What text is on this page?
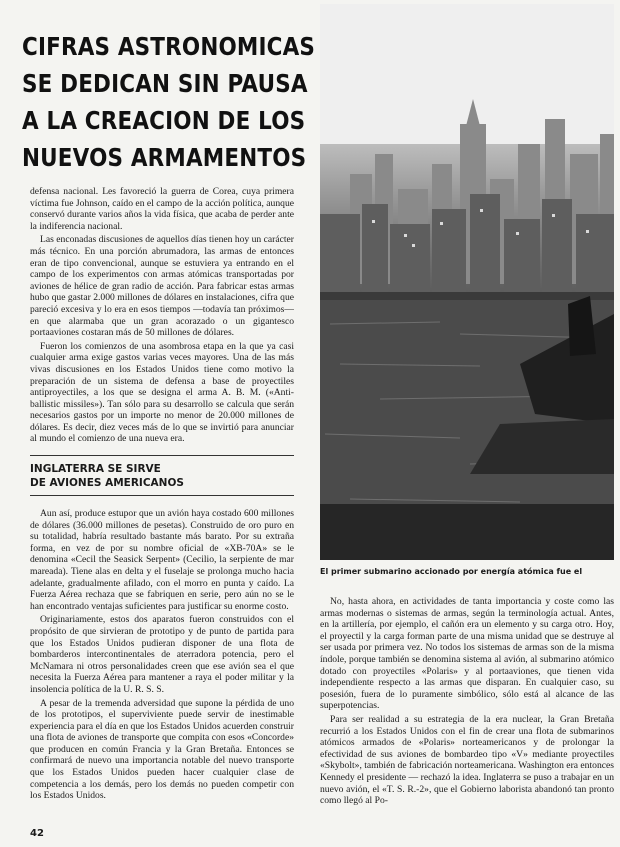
CIFRAS ASTRONOMICAS
SE DEDICAN SIN PAUSA
A LA CREACION DE LOS
NUEVOS ARMAMENTOS

defensa nacional. Les favoreció la guerra de Corea, cuya primera víctima fue Johnson, caído en el campo de la acción política, aunque conservó durante varios años la vida física, que acaba de perder ante la indiferencia nacional.

Las enconadas discusiones de aquellos días tienen hoy un carácter más técnico. En una porción abrumadora, las armas de entonces eran de tipo convencional, aunque se estuviera ya entrando en el campo de los experimentos con armas atómicas transportadas por aviones de hélice de gran radio de acción. Para fabricar estas armas hubo que gastar 2.000 millones de dólares en instalaciones, cifra que pareció excesiva y lo era en esos tiempos —todavía tan próximos— en que alarmaba que un gran acorazado o un gigantesco portaaviones costaran más de 50 millones de dólares.

Fueron los comienzos de una asombrosa etapa en la que ya casi cualquier arma exige gastos varias veces mayores. Una de las más vivas discusiones en los Estados Unidos tiene como motivo la preparación de un sistema de defensa a base de proyectiles antiproyectiles, a los que se designa el arma A. B. M. («Anti-ballistic missiles»). Tan sólo para su desarrollo se calcula que serán necesarios gastos por un importe no menor de 20.000 millones de dólares. Es decir, diez veces más de lo que se invirtió para anunciar al mundo el comienzo de una nueva era.

INGLATERRA SE SIRVE
DE AVIONES AMERICANOS

Aun así, produce estupor que un avión haya costado 600 millones de dólares (36.000 millones de pesetas). Construido de oro puro en su totalidad, habría resultado bastante más barato. Por su extraña forma, en vez de por su nombre oficial de «XB-70A» se le denomina «Cecil the Seasick Serpent» (Cecilio, la serpiente de mar mareada). Tiene alas en delta y el fuselaje se prolonga mucho hacia adelante, gradualmente afilado, con el morro en punta y caído. La Fuerza Aérea rechaza que se fabriquen en serie, pero aún no se le han encontrado ventajas suficientes para justificar su enorme costo.

Originariamente, estos dos aparatos fueron construidos con el propósito de que sirvieran de prototipo y de punto de partida para que los Estados Unidos pudieran disponer de una flota de bombarderos intercontinentales de aterradora potencia, pero el McNamara ni otros personalidades creen que ese avión sea el que necesita la Fuerza Aérea para mantener a raya el poder militar y la insolencia política de la U. R. S. S.

A pesar de la tremenda adversidad que supone la pérdida de uno de los prototipos, el superviviente puede servir de inestimable experiencia para el día en que los Estados Unidos acuerden construir una flota de aviones de transporte que compita con esos «Concorde» que producen en común Francia y la Gran Bretaña. Entonces se confirmará de nuevo una importancia notable del nuevo transporte que los Estados Unidos pueden hacer cualquier clase de competencia a los demás, pero los demás no pueden competir con los Estados Unidos.

El primer submarino accionado por energía atómica fue el

No, hasta ahora, en actividades de tanta importancia y coste como las armas modernas o sistemas de armas, según la terminología actual. Antes, en la artillería, por ejemplo, el cañón era un elemento y su carga otro. Hoy, el proyectil y la carga forman parte de una misma unidad que se destruye al ser usada por primera vez. No todos los sistemas de armas son de la misma índole, porque también se denomina sistema al avión, al submarino atómico dotado con proyectiles «Polaris» y al portaaviones, que tienen vida independiente respecto a las armas que disparan. En cualquier caso, su posesión, fuera de lo puramente simbólico, sólo está al alcance de las superpotencias.

Para ser realidad a su estrategia de la era nuclear, la Gran Bretaña recurrió a los Estados Unidos con el fin de crear una flota de submarinos atómicos armados de «Polaris» norteamericanos y de prolongar la efectividad de sus aviones de bombardeo tipo «V» mediante proyectiles «Skybolt», también de fabricación norteamericana. Washington era entonces Kennedy el presidente — rechazó la idea. Inglaterra se puso a trabajar en un nuevo avión, el «T. S. R.-2», que el Gobierno laborista abandonó tan pronto como llegó al Po-

42
